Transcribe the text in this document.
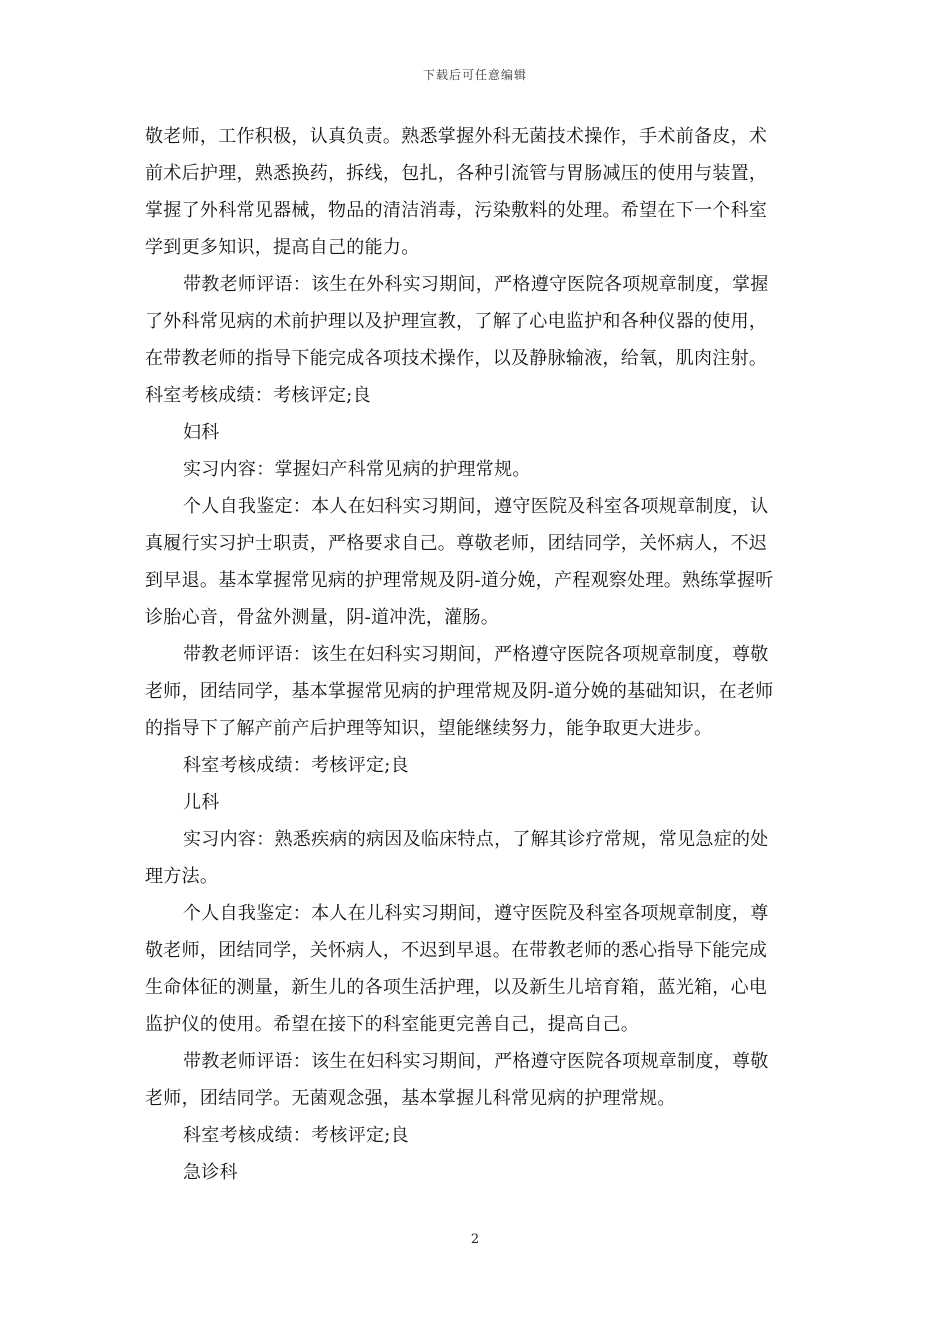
下载后可任意编辑
敬老师，工作积极，认真负责。熟悉掌握外科无菌技术操作，手术前备皮，术
前术后护理，熟悉换药，拆线，包扎，各种引流管与胃肠减压的使用与装置，
掌握了外科常见器械，物品的清洁消毒，污染敷料的处理。希望在下一个科室
学到更多知识，提高自己的能力。
带教老师评语：该生在外科实习期间，严格遵守医院各项规章制度，掌握
了外科常见病的术前护理以及护理宣教，了解了心电监护和各种仪器的使用，
在带教老师的指导下能完成各项技术操作，以及静脉输液，给氧，肌肉注射。
科室考核成绩：考核评定;良
妇科
实习内容：掌握妇产科常见病的护理常规。
个人自我鉴定：本人在妇科实习期间，遵守医院及科室各项规章制度，认
真履行实习护士职责，严格要求自己。尊敬老师，团结同学，关怀病人，不迟
到早退。基本掌握常见病的护理常规及阴-道分娩，产程观察处理。熟练掌握听
诊胎心音，骨盆外测量，阴-道冲洗，灌肠。
带教老师评语：该生在妇科实习期间，严格遵守医院各项规章制度，尊敬
老师，团结同学，基本掌握常见病的护理常规及阴-道分娩的基础知识，在老师
的指导下了解产前产后护理等知识，望能继续努力，能争取更大进步。
科室考核成绩：考核评定;良
儿科
实习内容：熟悉疾病的病因及临床特点，了解其诊疗常规，常见急症的处
理方法。
个人自我鉴定：本人在儿科实习期间，遵守医院及科室各项规章制度，尊
敬老师，团结同学，关怀病人，不迟到早退。在带教老师的悉心指导下能完成
生命体征的测量，新生儿的各项生活护理，以及新生儿培育箱，蓝光箱，心电
监护仪的使用。希望在接下的科室能更完善自己，提高自己。
带教老师评语：该生在妇科实习期间，严格遵守医院各项规章制度，尊敬
老师，团结同学。无菌观念强，基本掌握儿科常见病的护理常规。
科室考核成绩：考核评定;良
急诊科
2
